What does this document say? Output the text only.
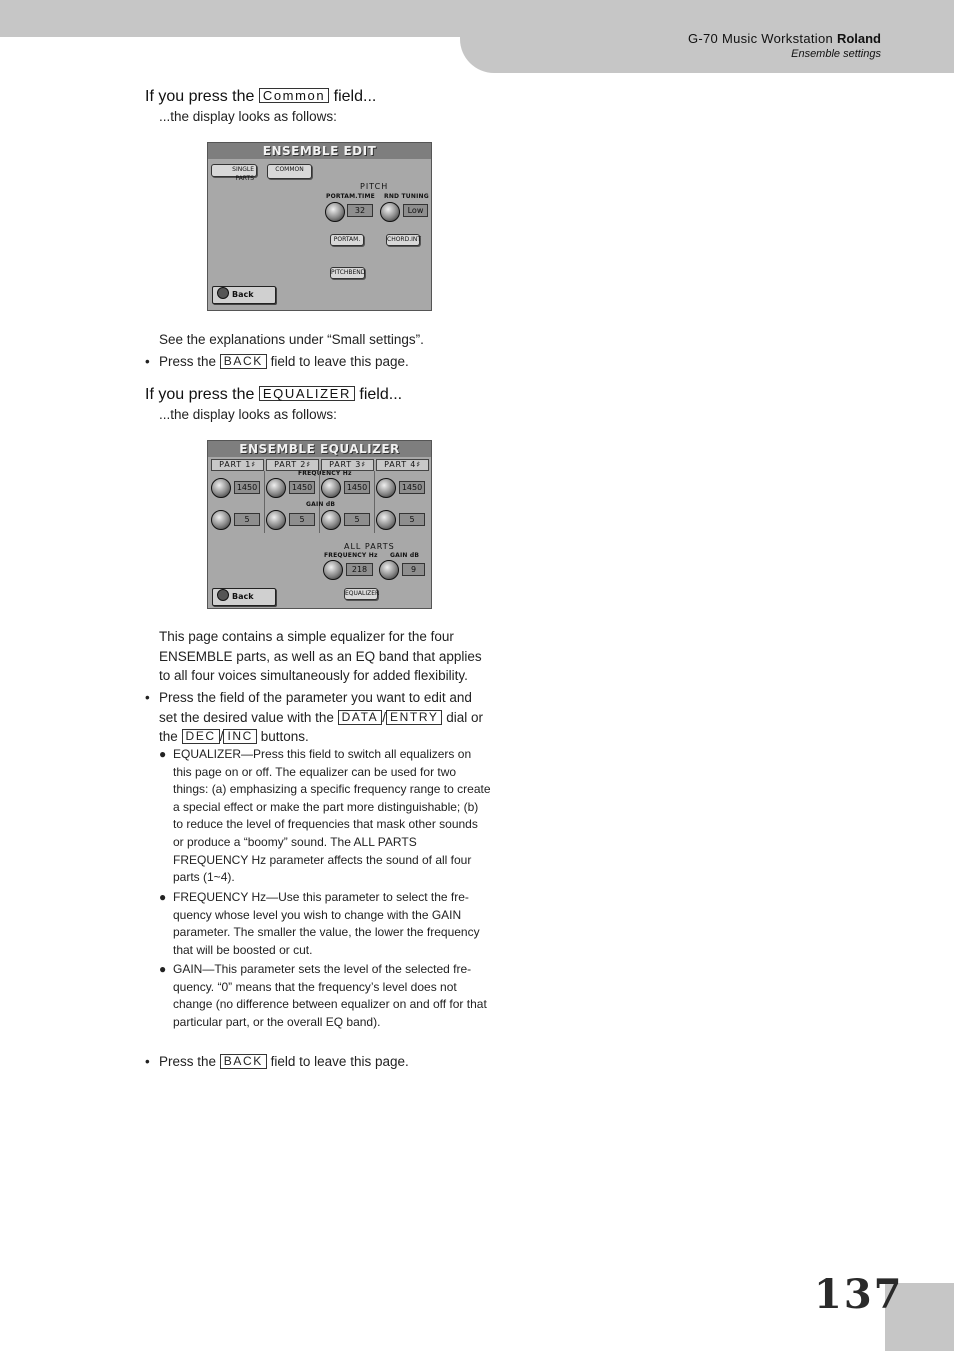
G-70 Music Workstation Roland
Ensemble settings
If you press the Common field...
...the display looks as follows:
ENSEMBLE EDIT
SINGLE PARTS
COMMON
PITCH
PORTAM.TIME RND TUNING
32	Low
PORTAM.	CHORD.INT
PITCHBEND
Back
See the explanations under “Small settings”.
• Press the BACK field to leave this page.
If you press the EQUALIZER field...
...the display looks as follows:
ENSEMBLE EQUALIZER
PART 1♯	PART 2♯	PART 3♯	PART 4♯
FREQUENCY Hz
1450	1450	1450	1450
GAIN dB
5	5	5	5
ALL PARTS
FREQUENCY Hz GAIN dB
218	9
EQUALIZER
Back
This page contains a simple equalizer for the four ENSEMBLE parts, as well as an EQ band that applies to all four voices simultaneously for added flexibility.
• Press the field of the parameter you want to edit and set the desired value with the DATA / ENTRY dial or the DEC / INC buttons.
● EQUALIZER—Press this field to switch all equalizers on this page on or off. The equalizer can be used for two things: (a) emphasizing a specific frequency range to create a special effect or make the part more distinguishable; (b) to reduce the level of frequencies that mask other sounds or produce a “boomy” sound. The ALL PARTS FREQUENCY Hz parameter affects the sound of all four parts (1~4).
● FREQUENCY Hz—Use this parameter to select the frequency whose level you wish to change with the GAIN parameter. The smaller the value, the lower the frequency that will be boosted or cut.
● GAIN—This parameter sets the level of the selected frequency. “0” means that the frequency’s level does not change (no difference between equalizer on and off for that particular part, or the overall EQ band).
• Press the BACK field to leave this page.
137
